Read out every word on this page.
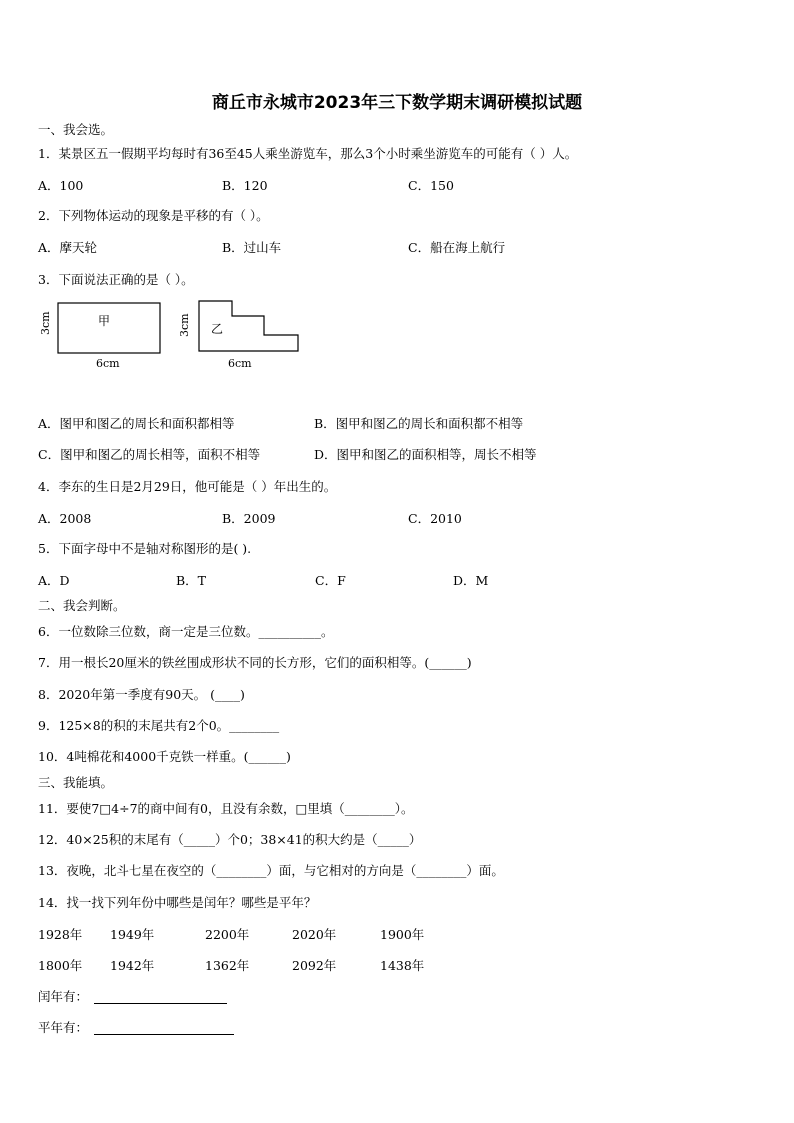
商丘市永城市2023年三下数学期末调研模拟试题
一、我会选。
1．某景区五一假期平均每时有36至45人乘坐游览车，那么3个小时乘坐游览车的可能有（ ）人。
A．100	B．120	C．150
2．下列物体运动的现象是平移的有（ ）。
A．摩天轮	B．过山车	C．船在海上航行
3．下面说法正确的是（ ）。
甲
3cm
6cm
乙
3cm
6cm
A．图甲和图乙的周长和面积都相等	B．图甲和图乙的周长和面积都不相等
C．图甲和图乙的周长相等，面积不相等	D．图甲和图乙的面积相等，周长不相等
4．李东的生日是2月29日，他可能是（ ）年出生的。
A．2008	B．2009	C．2010
5．下面字母中不是轴对称图形的是( ).
A．D	B．T	C．F	D．M
二、我会判断。
6．一位数除三位数，商一定是三位数。__________。
7．用一根长20厘米的铁丝围成形状不同的长方形，它们的面积相等。(______)
8．2020年第一季度有90天。 (____)
9．125×8的积的末尾共有2个0。________
10．4吨棉花和4000千克铁一样重。(______)
三、我能填。
11．要使7□4÷7的商中间有0，且没有余数，□里填（________）。
12．40×25积的末尾有（_____）个0；38×41的积大约是（_____）
13．夜晚，北斗七星在夜空的（________）面，与它相对的方向是（________）面。
14．找一找下列年份中哪些是闰年？哪些是平年？
1928年 1949年	2200年	2020年	1900年
1800年 1942年	1362年	2092年	1438年
闰年有：
平年有：
